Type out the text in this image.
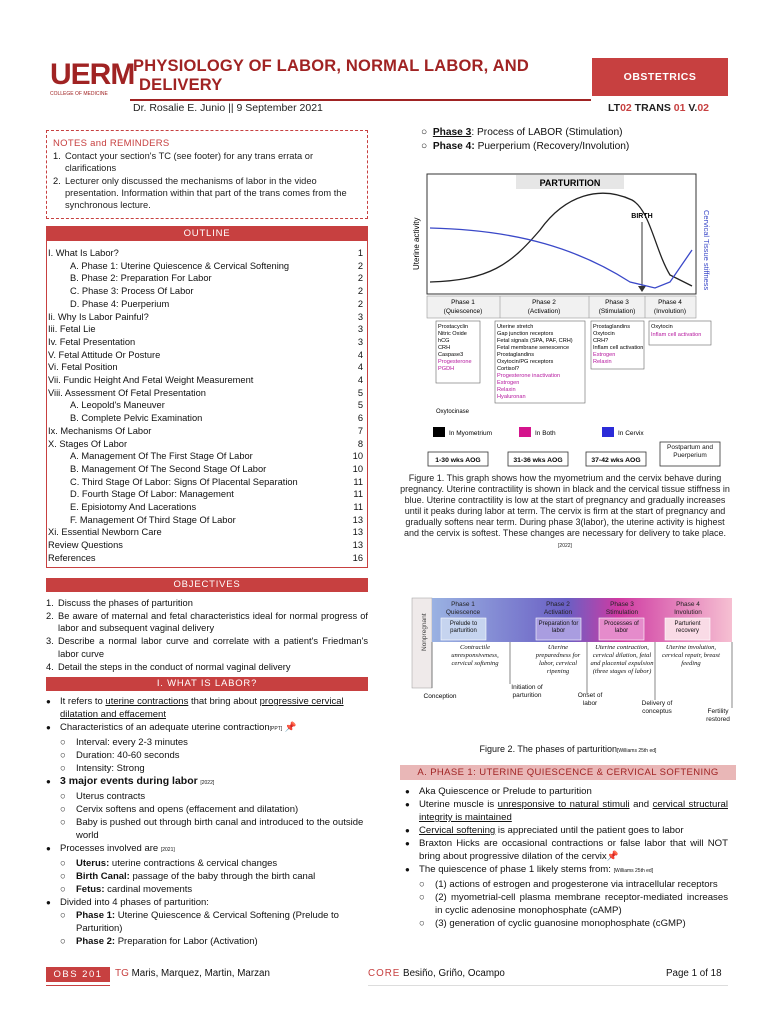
UERM
COLLEGE OF MEDICINE
PHYSIOLOGY OF LABOR, NORMAL LABOR, AND
DELIVERY
Dr. Rosalie E. Junio || 9 September 2021
OBSTETRICS
LT02 TRANS 01 V.02
NOTES and REMINDERS
1. Contact your section's TC (see footer) for any trans errata or clarifications
2. Lecturer only discussed the mechanisms of labor in the video presentation. Information within that part of the trans comes from the synchronous lecture.
OUTLINE
I. What Is Labor?	1
A. Phase 1: Uterine Quiescence & Cervical Softening	2
B. Phase 2: Preparation For Labor	2
C. Phase 3: Process Of Labor	2
D. Phase 4: Puerperium	2
Ii. Why Is Labor Painful?	3
Iii. Fetal Lie	3
Iv. Fetal Presentation	3
V. Fetal Attitude Or Posture	4
Vi. Fetal Position	4
Vii. Fundic Height And Fetal Weight Measurement	4
Viii. Assessment Of Fetal Presentation	5
A. Leopold's Maneuver	5
B. Complete Pelvic Examination	6
Ix. Mechanisms Of Labor	7
X. Stages Of Labor	8
A. Management Of The First Stage Of Labor	10
B. Management Of The Second Stage Of Labor	10
C. Third Stage Of Labor: Signs Of Placental Separation	11
D. Fourth Stage Of Labor: Management	11
E. Episiotomy And Lacerations	11
F. Management Of Third Stage Of Labor	13
Xi. Essential Newborn Care	13
Review Questions	13
References	16
OBJECTIVES
1. Discuss the phases of parturition
2. Be aware of maternal and fetal characteristics ideal for normal progress of labor and subsequent vaginal delivery
3. Describe a normal labor curve and correlate with a patient's Friedman's labor curve
4. Detail the steps in the conduct of normal vaginal delivery
I. WHAT IS LABOR?
● It refers to uterine contractions that bring about progressive cervical dilatation and effacement
● Characteristics of an adequate uterine contraction[PPT] 📌
○	Interval: every 2-3 minutes
○	Duration: 40-60 seconds
○	Intensity: Strong
● 3 major events during labor [2022]
○	Uterus contracts
○	Cervix softens and opens (effacement and dilatation)
○	Baby is pushed out through birth canal and introduced to the outside world
● Processes involved are [2021]
○	Uterus: uterine contractions & cervical changes
○	Birth Canal: passage of the baby through the birth canal
○	Fetus: cardinal movements
● Divided into 4 phases of parturition:
○	Phase 1: Uterine Quiescence & Cervical Softening (Prelude to Parturition)
○	Phase 2: Preparation for Labor (Activation)
○  Phase 3: Process of LABOR (Stimulation)
○  Phase 4: Puerperium (Recovery/Involution)
PARTURITION
Uterine activity	Cervical Tissue stiffness
BIRTH
Phase 1
(Quiescence)
Phase 2
(Activation)
Phase 3
(Stimulation)
Phase 4
(Involution)
Prostacyclin
Nitric Oxide
hCG
CRH
Caspase3
Progesterone
PGDH
Uterine stretch
Gap junction receptors
Fetal signals (SPA, PAF, CRH)
Fetal membrane senescence
Prostaglandins
Oxytocin/PG receptors
Cortisol?
Progesterone inactivation
Estrogen
Relaxin
Hyaluronan
Prostaglandins
Oxytocin
CRH?
Inflam cell activation
Estrogen
Relaxin
Oxytocin
Inflam cell activation
Oxytocinase
In Myometrium	In Both	In Cervix
1-30 wks AOG	31-36 wks AOG	37-42 wks AOG
Postpartum and Puerperium
Figure 1. This graph shows how the myometrium and the cervix behave during pregnancy. Uterine contractility is shown in black and the cervical tissue stiffness in blue. Uterine contractility is low at the start of pregnancy and gradually increases until it peaks during labor at term. The cervix is firm at the start of pregnancy and gradually softens near term. During phase 3(labor), the uterine activity is highest and the cervix is softest. These changes are necessary for delivery to take place. [2022]
Nonpregnant
Phase 1
Quiescence
Phase 2
Activation
Phase 3
Stimulation
Phase 4
Involution
Prelude to parturition
Preparation for labor
Processes of labor
Parturient recovery
Contractile unresponsiveness, cervical softening
Uterine preparedness for labor, cervical ripening
Uterine contraction, cervical dilation, fetal and placental expulsion (three stages of labor)
Uterine involution, cervical repair, breast feeding
Conception
Initiation of parturition	Onset of labor	Delivery of conceptus	Fertility restored
Figure 2. The phases of parturition[Williams 25th ed]
A. PHASE 1: UTERINE QUIESCENCE & CERVICAL SOFTENING
● Aka Quiescence or Prelude to parturition
● Uterine muscle is unresponsive to natural stimuli and cervical structural integrity is maintained
● Cervical softening is appreciated until the patient goes to labor
● Braxton Hicks are occasional contractions or false labor that will NOT bring about progressive dilation of the cervix📌
● The quiescence of phase 1 likely stems from: [Williams 25th ed]
○	(1) actions of estrogen and progesterone via intracellular receptors
○	(2) myometrial-cell plasma membrane receptor-mediated increases in cyclic adenosine monophosphate (cAMP)
○	(3) generation of cyclic guanosine monophosphate (cGMP)
OBS 201	TG Maris, Marquez, Martin, Marzan	CORE Besiño, Griño, Ocampo	Page 1 of 18
